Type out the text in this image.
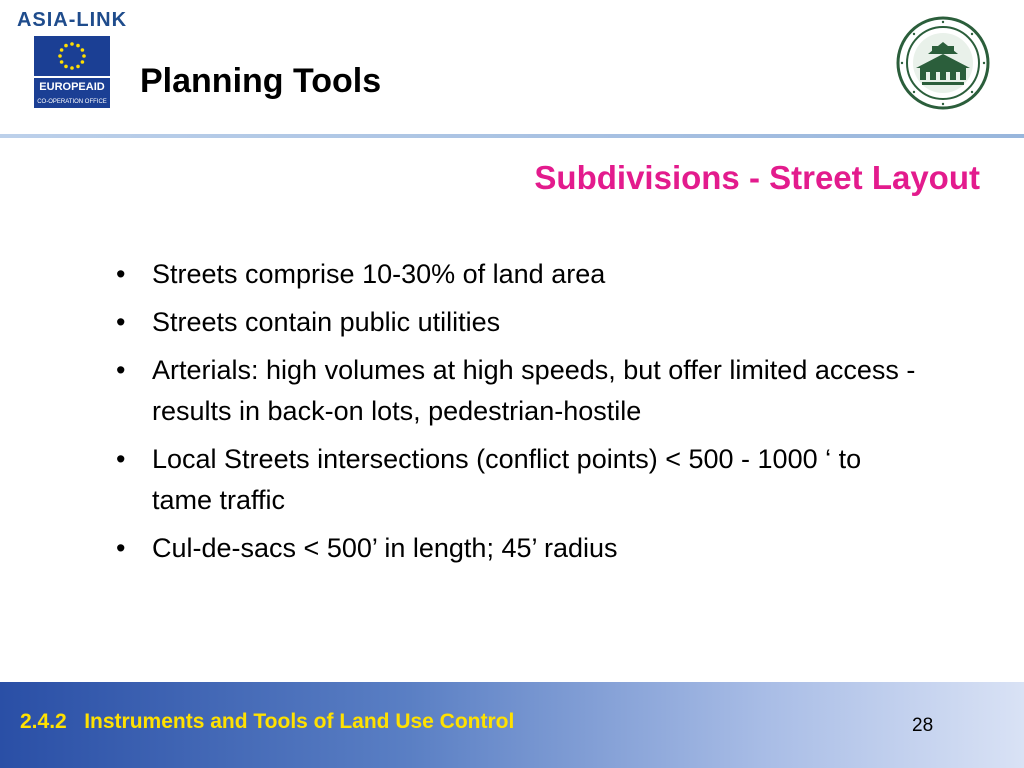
ASIA-LINK
EUROPEAID
CO-OPERATION OFFICE
Planning Tools
Subdivisions - Street Layout
• Streets comprise 10-30% of land area
• Streets contain public utilities
• Arterials: high volumes at high speeds, but offer limited access - results in back-on lots, pedestrian-hostile
• Local Streets intersections (conflict points) < 500 - 1000 ‘ to tame traffic
• Cul-de-sacs < 500’ in length; 45’ radius
2.4.2   Instruments and Tools of Land Use Control	28
